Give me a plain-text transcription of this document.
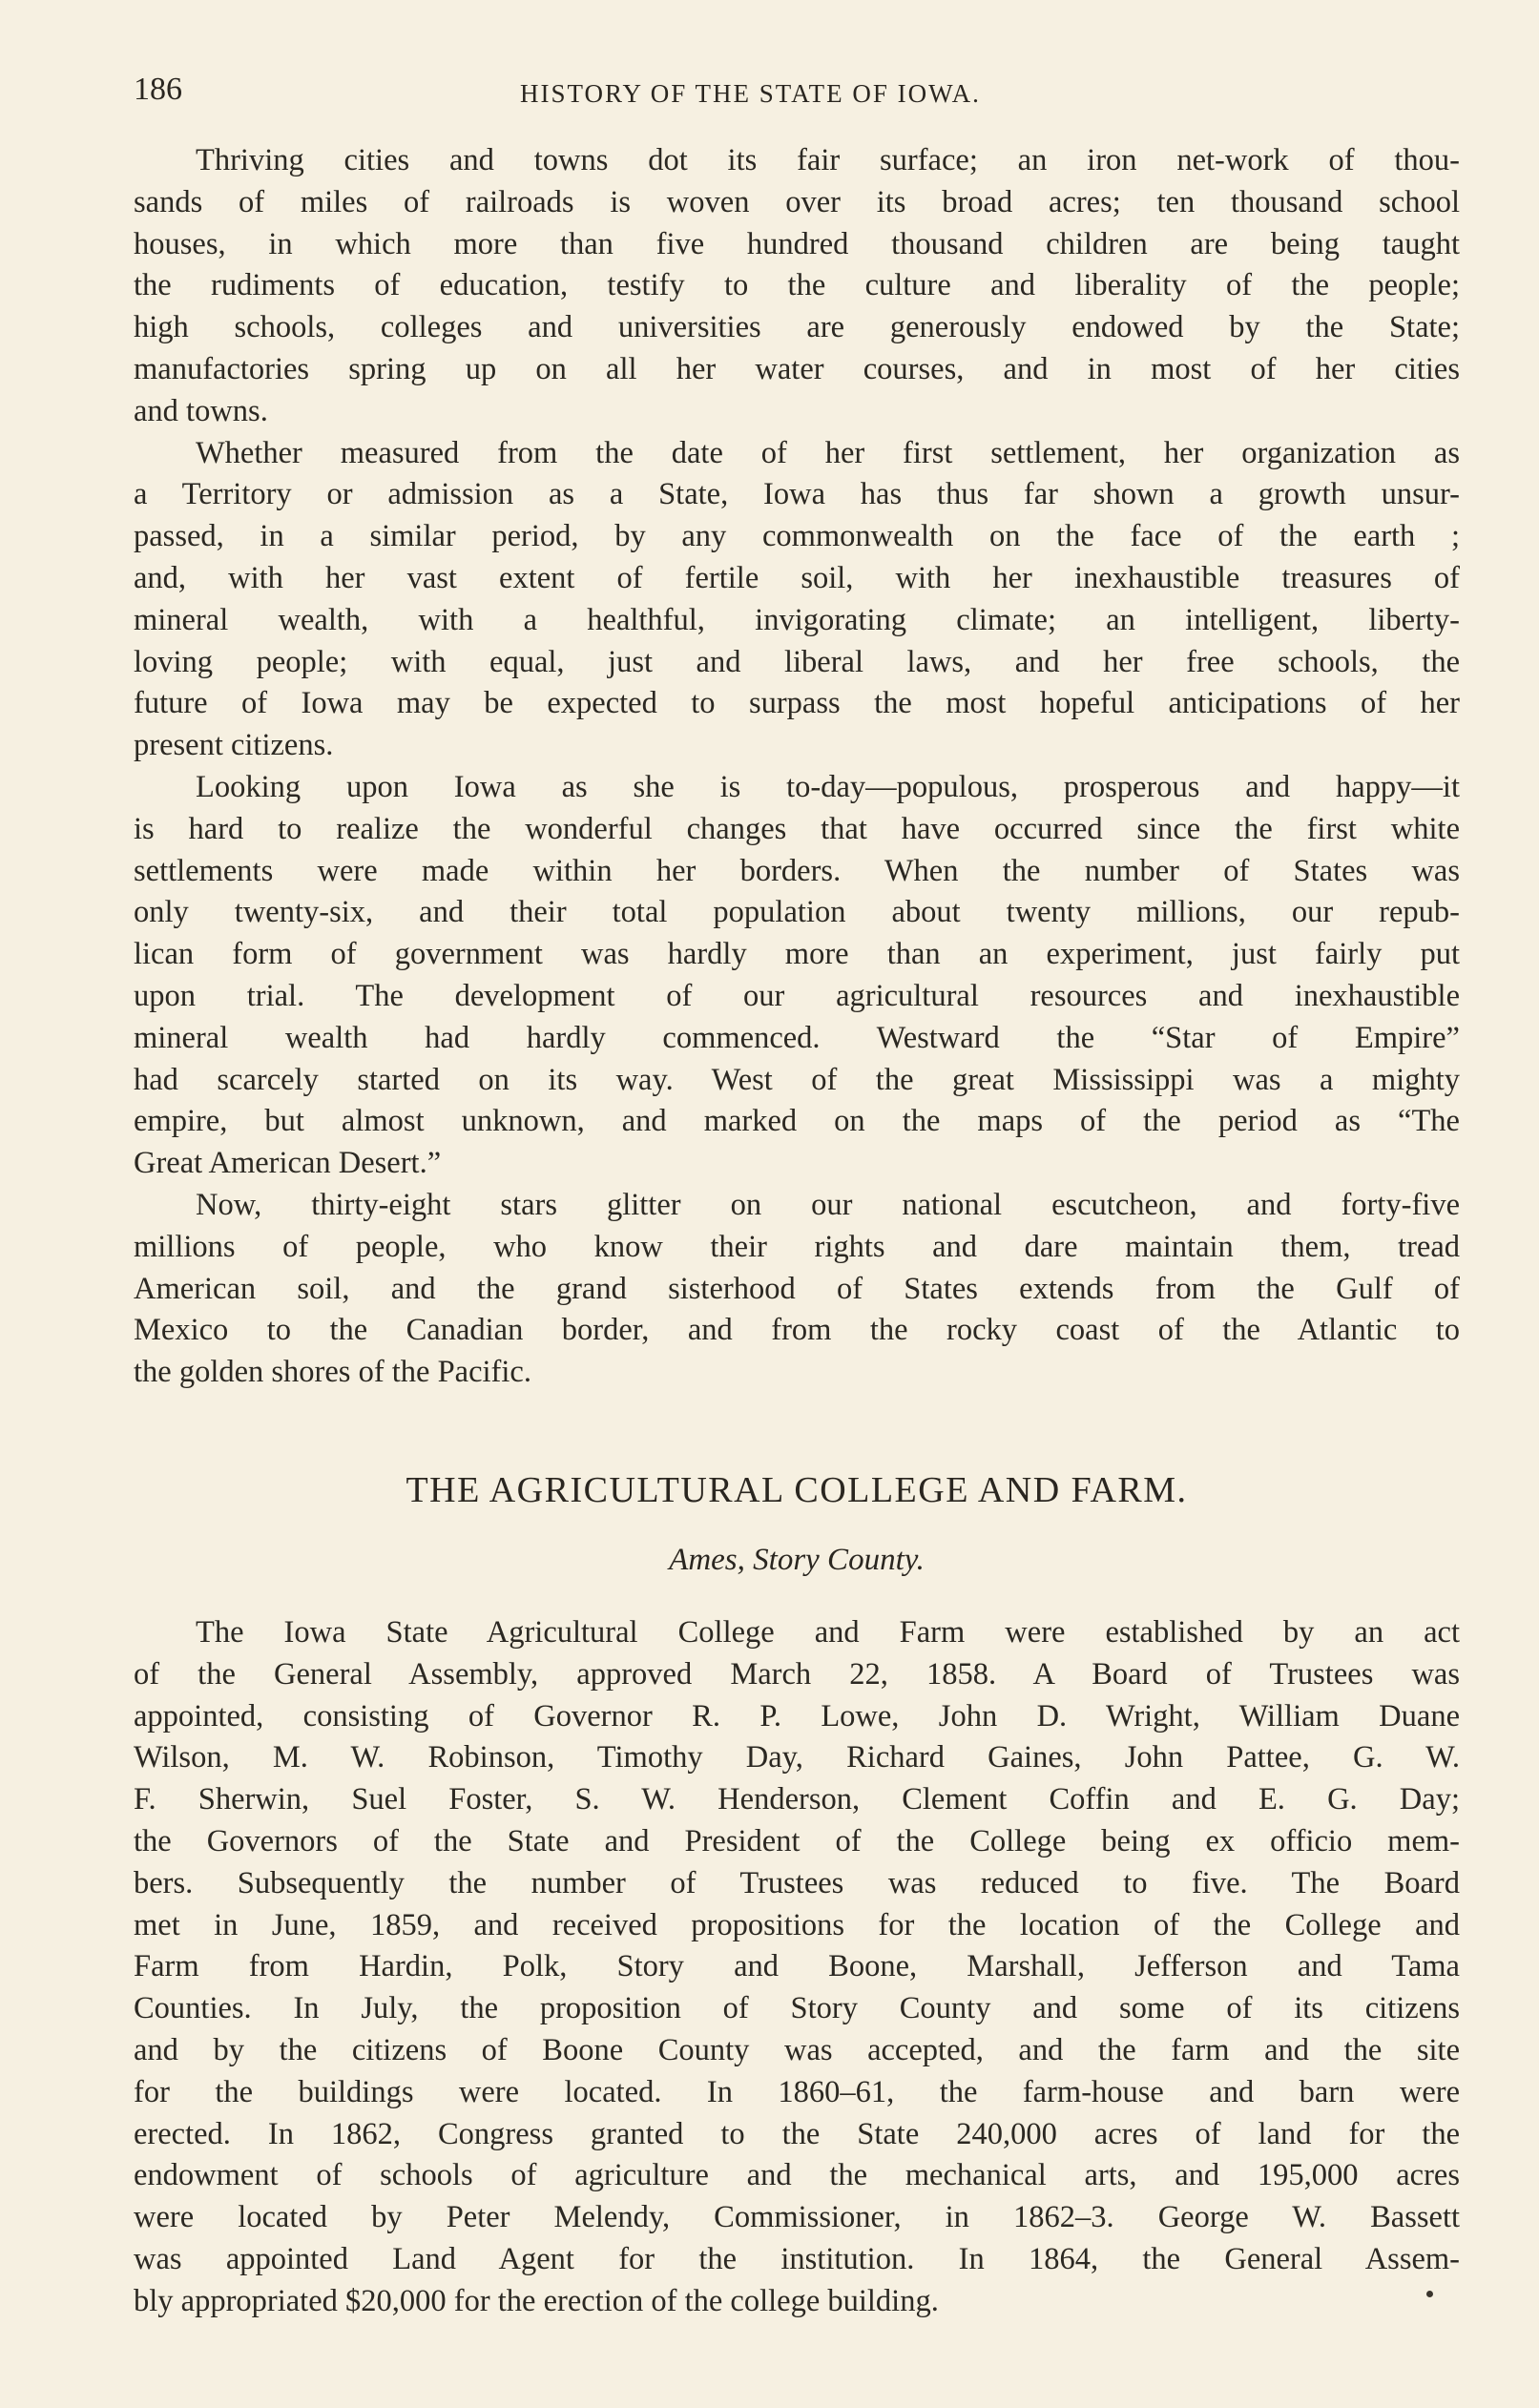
186	HISTORY OF THE STATE OF IOWA.
Thriving cities and towns dot its fair surface; an iron net-work of thou-
sands of miles of railroads is woven over its broad acres; ten thousand school
houses, in which more than five hundred thousand children are being taught
the rudiments of education, testify to the culture and liberality of the people;
high schools, colleges and universities are generously endowed by the State;
manufactories spring up on all her water courses, and in most of her cities
and towns.
Whether measured from the date of her first settlement, her organization as
a Territory or admission as a State, Iowa has thus far shown a growth unsur-
passed, in a similar period, by any commonwealth on the face of the earth ;
and, with her vast extent of fertile soil, with her inexhaustible treasures of
mineral wealth, with a healthful, invigorating climate; an intelligent, liberty-
loving people; with equal, just and liberal laws, and her free schools, the
future of Iowa may be expected to surpass the most hopeful anticipations of her
present citizens.
Looking upon Iowa as she is to-day—populous, prosperous and happy—it
is hard to realize the wonderful changes that have occurred since the first white
settlements were made within her borders. When the number of States was
only twenty-six, and their total population about twenty millions, our repub-
lican form of government was hardly more than an experiment, just fairly put
upon trial. The development of our agricultural resources and inexhaustible
mineral wealth had hardly commenced. Westward the “Star of Empire”
had scarcely started on its way. West of the great Mississippi was a mighty
empire, but almost unknown, and marked on the maps of the period as “The
Great American Desert.”
Now, thirty-eight stars glitter on our national escutcheon, and forty-five
millions of people, who know their rights and dare maintain them, tread
American soil, and the grand sisterhood of States extends from the Gulf of
Mexico to the Canadian border, and from the rocky coast of the Atlantic to
the golden shores of the Pacific.
THE AGRICULTURAL COLLEGE AND FARM.
Ames, Story County.
The Iowa State Agricultural College and Farm were established by an act
of the General Assembly, approved March 22, 1858. A Board of Trustees was
appointed, consisting of Governor R. P. Lowe, John D. Wright, William Duane
Wilson, M. W. Robinson, Timothy Day, Richard Gaines, John Pattee, G. W.
F. Sherwin, Suel Foster, S. W. Henderson, Clement Coffin and E. G. Day;
the Governors of the State and President of the College being ex officio mem-
bers. Subsequently the number of Trustees was reduced to five. The Board
met in June, 1859, and received propositions for the location of the College and
Farm from Hardin, Polk, Story and Boone, Marshall, Jefferson and Tama
Counties. In July, the proposition of Story County and some of its citizens
and by the citizens of Boone County was accepted, and the farm and the site
for the buildings were located. In 1860–61, the farm-house and barn were
erected. In 1862, Congress granted to the State 240,000 acres of land for the
endowment of schools of agriculture and the mechanical arts, and 195,000 acres
were located by Peter Melendy, Commissioner, in 1862–3. George W. Bassett
was appointed Land Agent for the institution. In 1864, the General Assem-
bly appropriated $20,000 for the erection of the college building.
